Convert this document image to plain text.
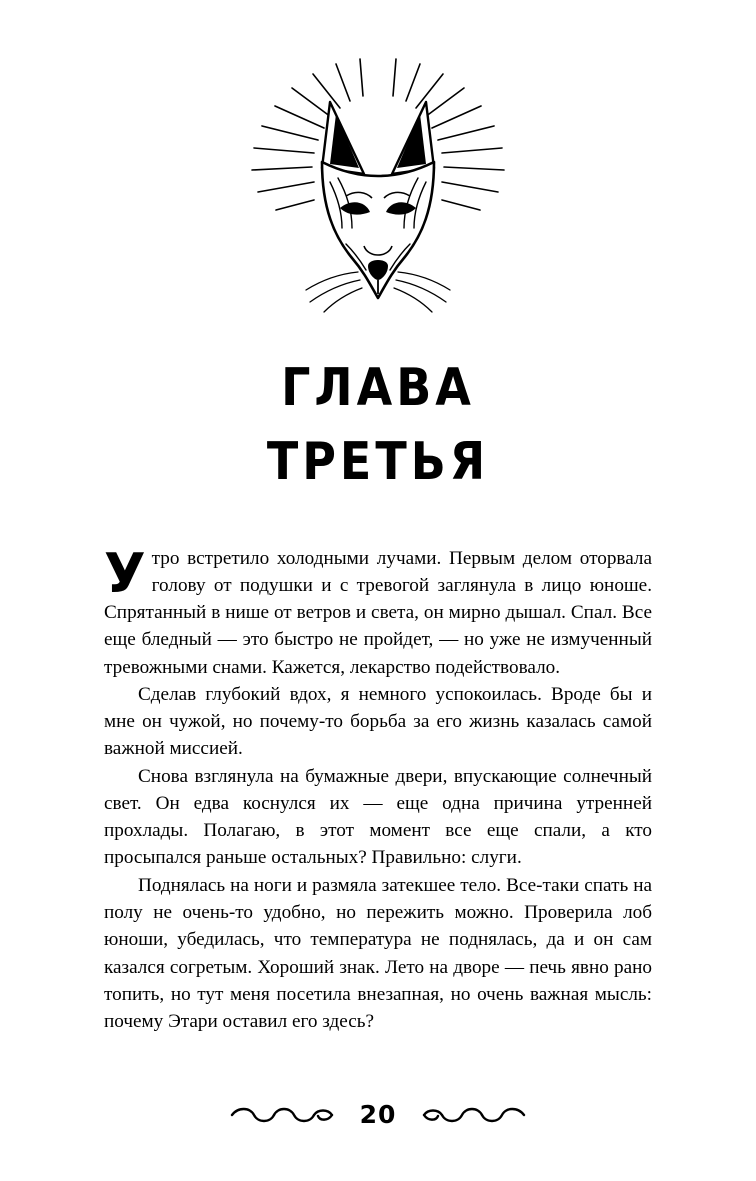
ГЛАВА
ТРЕТЬЯ

Утро встретило холодными лучами. Первым делом оторвала голову от подушки и с тревогой заглянула в лицо юноше. Спрятанный в нише от ветров и света, он мирно дышал. Спал. Все еще бледный — это быстро не пройдет, — но уже не измученный тревожными снами. Кажется, лекарство подействовало.

Сделав глубокий вдох, я немного успокоилась. Вроде бы и мне он чужой, но почему-то борьба за его жизнь казалась самой важной миссией.

Снова взглянула на бумажные двери, впускающие солнечный свет. Он едва коснулся их — еще одна причина утренней прохлады. Полагаю, в этот момент все еще спали, а кто просыпался раньше остальных? Правильно: слуги.

Поднялась на ноги и размяла затекшее тело. Все-таки спать на полу не очень-то удобно, но пережить можно. Проверила лоб юноши, убедилась, что температура не поднялась, да и он сам казался согретым. Хороший знак. Лето на дворе — печь явно рано топить, но тут меня посетила внезапная, но очень важная мысль: почему Этари оставил его здесь?

20
